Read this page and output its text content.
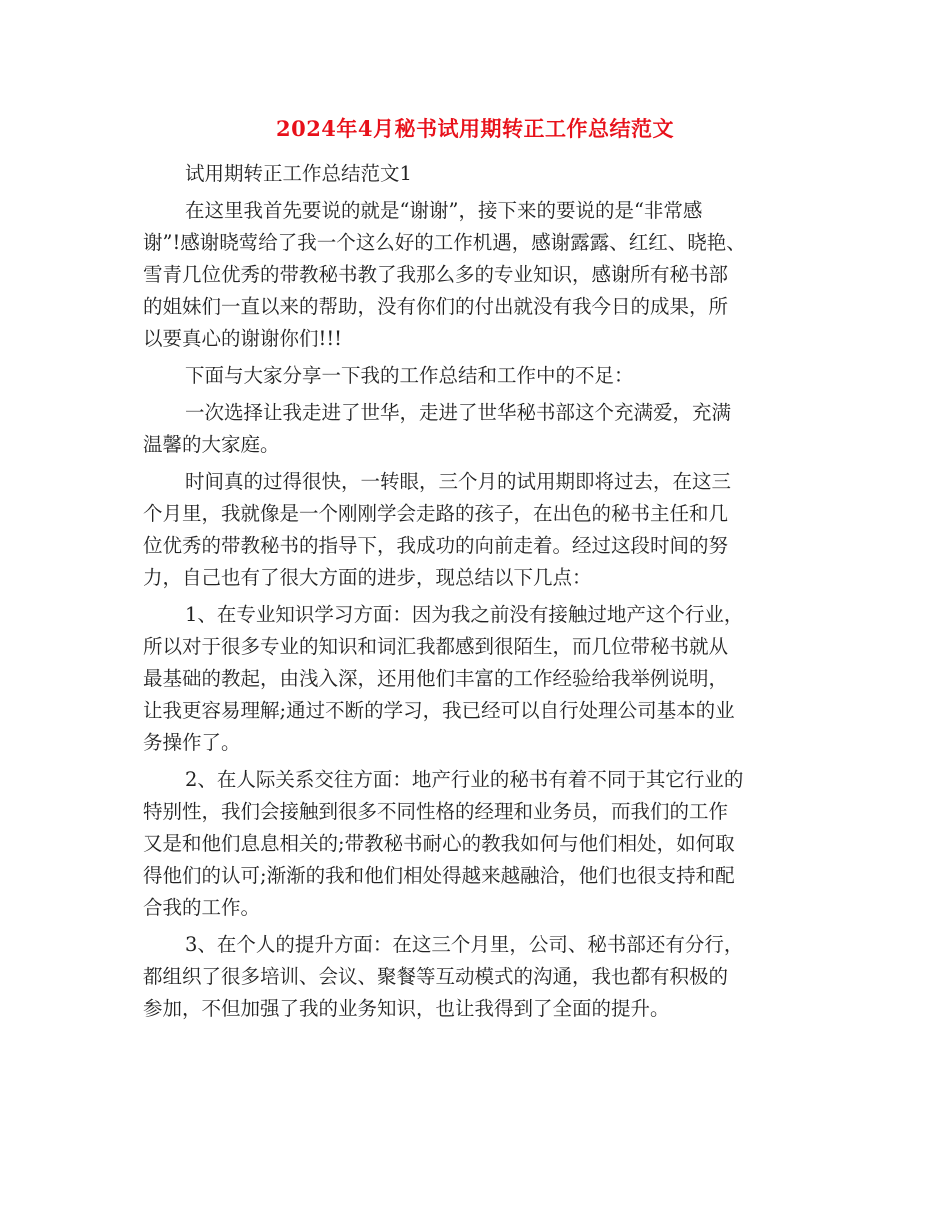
2024年4月秘书试用期转正工作总结范文
试用期转正工作总结范文1
在这里我首先要说的就是“谢谢”，接下来的要说的是“非常感
谢”!感谢晓莺给了我一个这么好的工作机遇，感谢露露、红红、晓艳、
雪青几位优秀的带教秘书教了我那么多的专业知识，感谢所有秘书部
的姐妹们一直以来的帮助，没有你们的付出就没有我今日的成果，所
以要真心的谢谢你们!!!
下面与大家分享一下我的工作总结和工作中的不足：
一次选择让我走进了世华，走进了世华秘书部这个充满爱，充满
温馨的大家庭。
时间真的过得很快，一转眼，三个月的试用期即将过去，在这三
个月里，我就像是一个刚刚学会走路的孩子，在出色的秘书主任和几
位优秀的带教秘书的指导下，我成功的向前走着。经过这段时间的努
力，自己也有了很大方面的进步，现总结以下几点：
1、在专业知识学习方面：因为我之前没有接触过地产这个行业，
所以对于很多专业的知识和词汇我都感到很陌生，而几位带秘书就从
最基础的教起，由浅入深，还用他们丰富的工作经验给我举例说明，
让我更容易理解;通过不断的学习，我已经可以自行处理公司基本的业
务操作了。
2、在人际关系交往方面：地产行业的秘书有着不同于其它行业的
特别性，我们会接触到很多不同性格的经理和业务员，而我们的工作
又是和他们息息相关的;带教秘书耐心的教我如何与他们相处，如何取
得他们的认可;渐渐的我和他们相处得越来越融洽，他们也很支持和配
合我的工作。
3、在个人的提升方面：在这三个月里，公司、秘书部还有分行，
都组织了很多培训、会议、聚餐等互动模式的沟通，我也都有积极的
参加，不但加强了我的业务知识，也让我得到了全面的提升。
